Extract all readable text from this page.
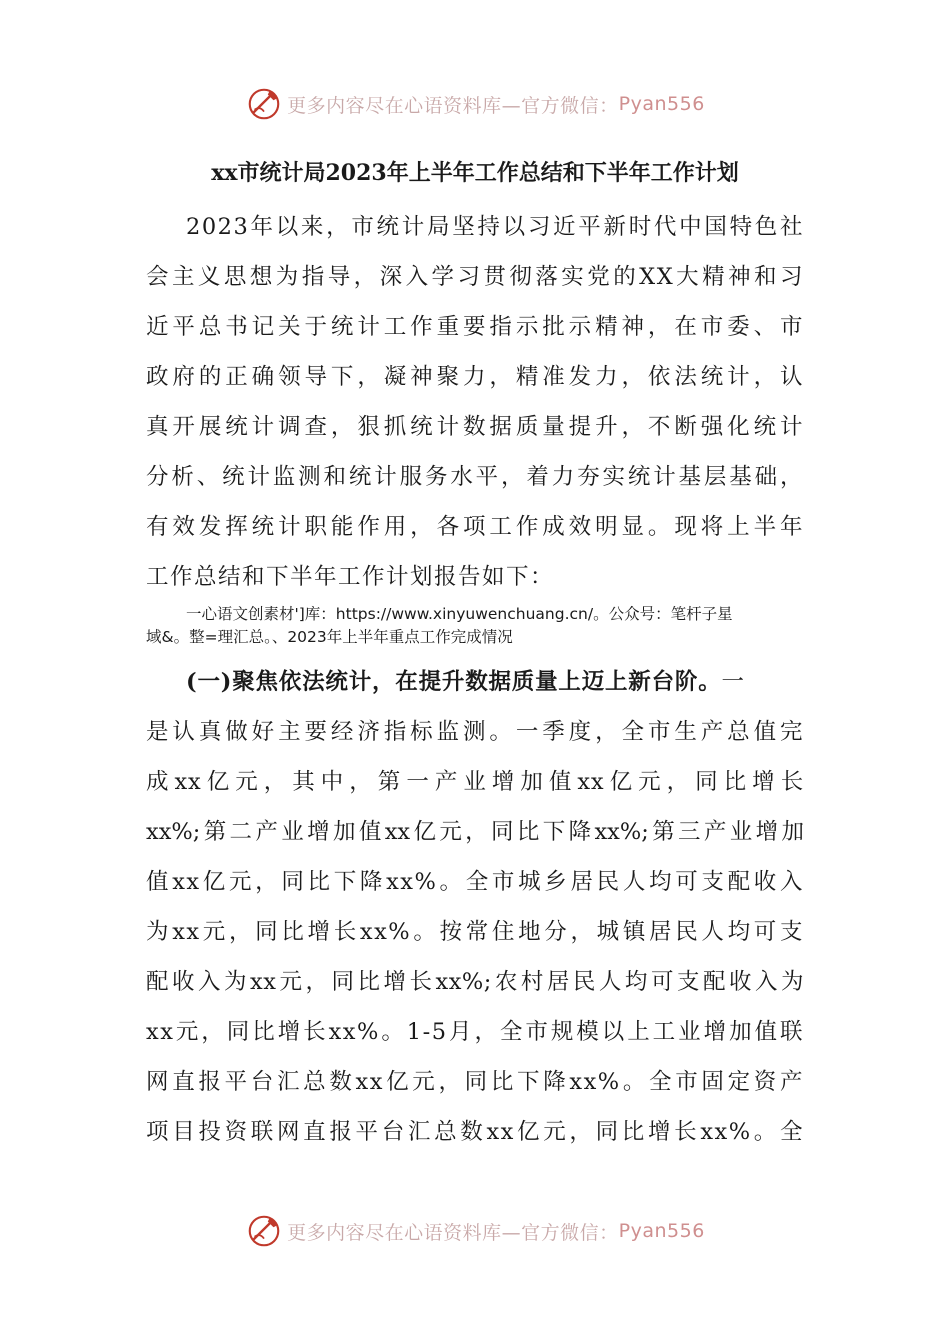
更多内容尽在心语资料库—官方微信： Pyan556
xx市统计局2023年上半年工作总结和下半年工作计划
2023年以来，市统计局坚持以习近平新时代中国特色社
会主义思想为指导，深入学习贯彻落实党的XX大精神和习
近平总书记关于统计工作重要指示批示精神，在市委、市
政府的正确领导下，凝神聚力，精准发力，依法统计，认
真开展统计调查，狠抓统计数据质量提升，不断强化统计
分析、统计监测和统计服务水平，着力夯实统计基层基础，
有效发挥统计职能作用，各项工作成效明显。现将上半年
工作总结和下半年工作计划报告如下：
一心语文创素材']库：https://www.xinyuwenchuang.cn/。公众号：笔杆子星
域&。整=理汇总。、2023年上半年重点工作完成情况
(一)聚焦依法统计，在提升数据质量上迈上新台阶。一
是认真做好主要经济指标监测。一季度，全市生产总值完
成xx亿元，其中，第一产业增加值xx亿元，同比增长
xx%;第二产业增加值xx亿元，同比下降xx%;第三产业增加
值xx亿元，同比下降xx%。全市城乡居民人均可支配收入
为xx元，同比增长xx%。按常住地分，城镇居民人均可支
配收入为xx元，同比增长xx%;农村居民人均可支配收入为
xx元，同比增长xx%。1-5月，全市规模以上工业增加值联
网直报平台汇总数xx亿元，同比下降xx%。全市固定资产
项目投资联网直报平台汇总数xx亿元，同比增长xx%。全
更多内容尽在心语资料库—官方微信： Pyan556
